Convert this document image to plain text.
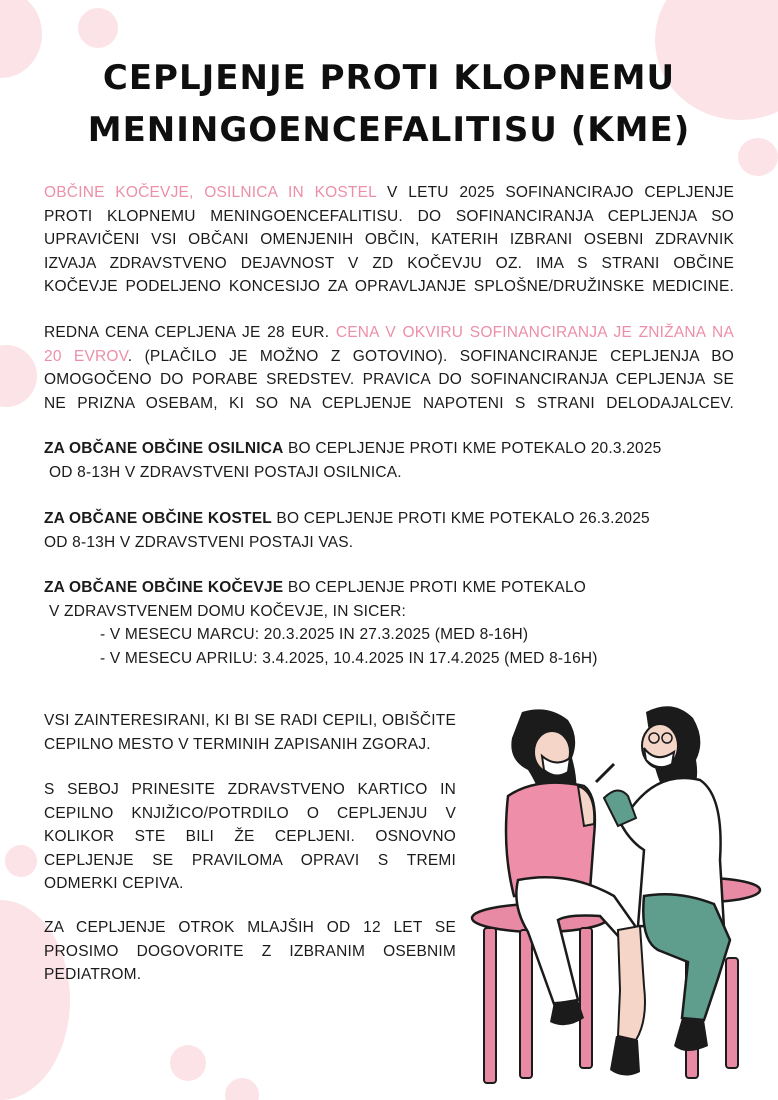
CEPLJENJE PROTI KLOPNEMU
MENINGOENCEFALITISU (KME)
OBČINE KOČEVJE, OSILNICA IN KOSTEL V LETU 2025 SOFINANCIRAJO CEPLJENJE
PROTI KLOPNEMU MENINGOENCEFALITISU. DO SOFINANCIRANJA CEPLJENJA SO
UPRAVIČENI VSI OBČANI OMENJENIH OBČIN, KATERIH IZBRANI OSEBNI ZDRAVNIK
IZVAJA ZDRAVSTVENO DEJAVNOST V ZD KOČEVJU OZ. IMA S STRANI OBČINE
KOČEVJE PODELJENO KONCESIJO ZA OPRAVLJANJE SPLOŠNE/DRUŽINSKE MEDICINE.
REDNA CENA CEPLJENA JE 28 EUR. CENA V OKVIRU SOFINANCIRANJA JE ZNIŽANA NA
20 EVROV. (PLAČILO JE MOŽNO Z GOTOVINO). SOFINANCIRANJE CEPLJENJA BO
OMOGOČENO DO PORABE SREDSTEV. PRAVICA DO SOFINANCIRANJA CEPLJENJA SE
NE PRIZNA OSEBAM, KI SO NA CEPLJENJE NAPOTENI S STRANI DELODAJALCEV.
ZA OBČANE OBČINE OSILNICA BO CEPLJENJE PROTI KME POTEKALO 20.3.2025
OD 8-13H V ZDRAVSTVENI POSTAJI OSILNICA.
ZA OBČANE OBČINE KOSTEL BO CEPLJENJE PROTI KME POTEKALO 26.3.2025
OD 8-13H V ZDRAVSTVENI POSTAJI VAS.
ZA OBČANE OBČINE KOČEVJE BO CEPLJENJE PROTI KME POTEKALO
V ZDRAVSTVENEM DOMU KOČEVJE, IN SICER:
- V MESECU MARCU: 20.3.2025 IN 27.3.2025 (MED 8-16H)
- V MESECU APRILU: 3.4.2025, 10.4.2025 IN 17.4.2025 (MED 8-16H)
VSI ZAINTERESIRANI, KI BI SE RADI CEPILI, OBIŠČITE
CEPILNO MESTO V TERMINIH ZAPISANIH ZGORAJ.
S SEBOJ PRINESITE ZDRAVSTVENO KARTICO IN
CEPILNO KNJIŽICO/POTRDILO O CEPLJENJU V
KOLIKOR STE BILI ŽE CEPLJENI. OSNOVNO
CEPLJENJE SE PRAVILOMA OPRAVI S TREMI
ODMERKI CEPIVA.
ZA CEPLJENJE OTROK MLAJŠIH OD 12 LET SE
PROSIMO DOGOVORITE Z IZBRANIM OSEBNIM
PEDIATROM.
